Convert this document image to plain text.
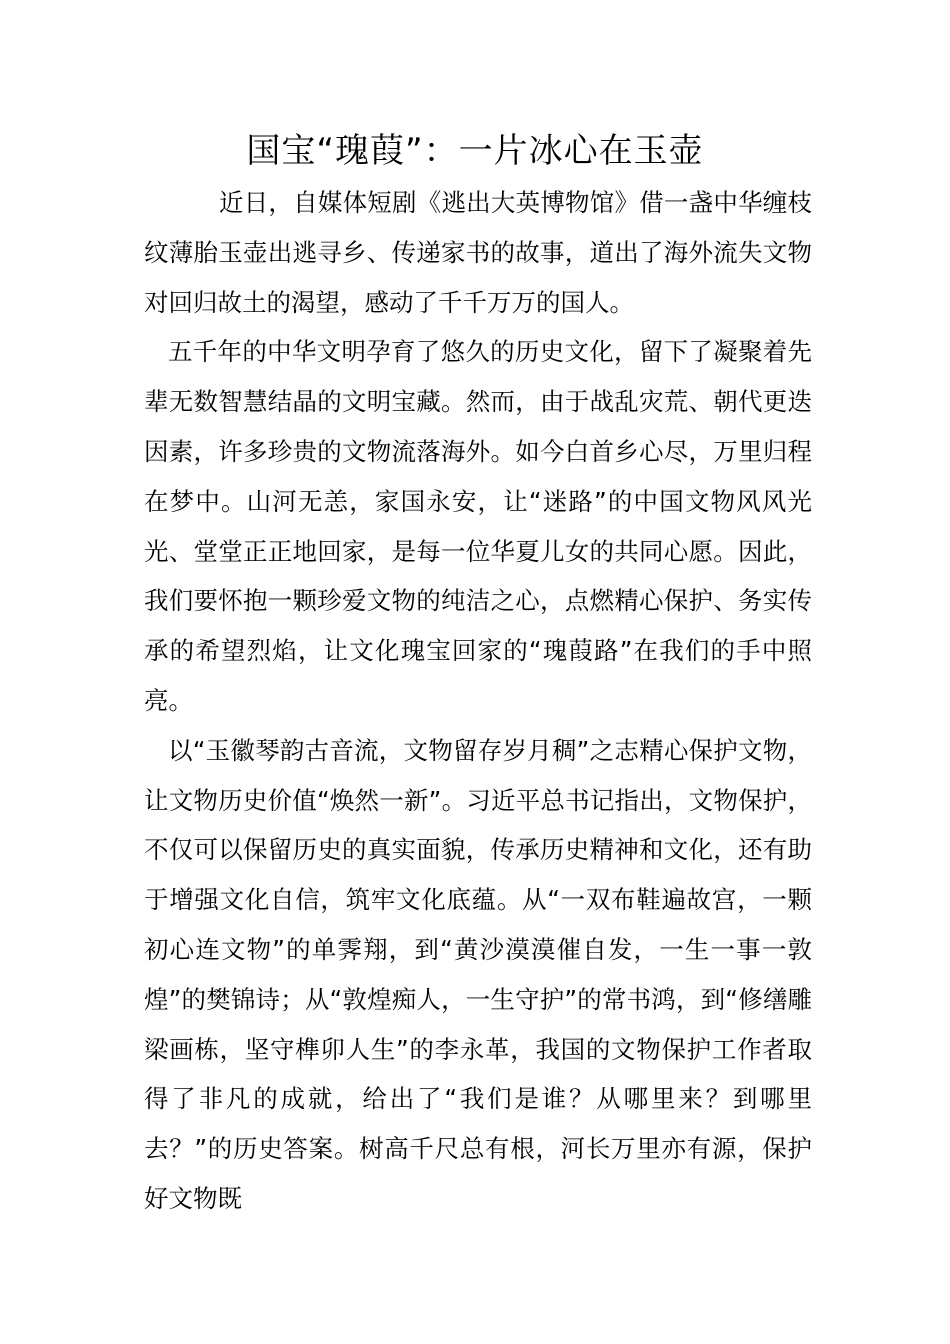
国宝“瑰葭”：一片冰心在玉壶

近日，自媒体短剧《逃出大英博物馆》借一盏中华缠枝纹薄胎玉壶出逃寻乡、传递家书的故事，道出了海外流失文物对回归故土的渴望，感动了千千万万的国人。

五千年的中华文明孕育了悠久的历史文化，留下了凝聚着先辈无数智慧结晶的文明宝藏。然而，由于战乱灾荒、朝代更迭因素，许多珍贵的文物流落海外。如今白首乡心尽，万里归程在梦中。山河无恙，家国永安，让“迷路”的中国文物风风光光、堂堂正正地回家，是每一位华夏儿女的共同心愿。因此，我们要怀抱一颗珍爱文物的纯洁之心，点燃精心保护、务实传承的希望烈焰，让文化瑰宝回家的“瑰葭路”在我们的手中照亮。

以“玉徽琴韵古音流，文物留存岁月稠”之志精心保护文物，让文物历史价值“焕然一新”。习近平总书记指出，文物保护，不仅可以保留历史的真实面貌，传承历史精神和文化，还有助于增强文化自信，筑牢文化底蕴。从“一双布鞋遍故宫，一颗初心连文物”的单霁翔，到“黄沙漠漠催自发，一生一事一敦煌”的樊锦诗；从“敦煌痴人，一生守护”的常书鸿，到“修缮雕梁画栋，坚守榫卯人生”的李永革，我国的文物保护工作者取得了非凡的成就，给出了“我们是谁？从哪里来？到哪里去？”的历史答案。树高千尺总有根，河长万里亦有源，保护好文物既
